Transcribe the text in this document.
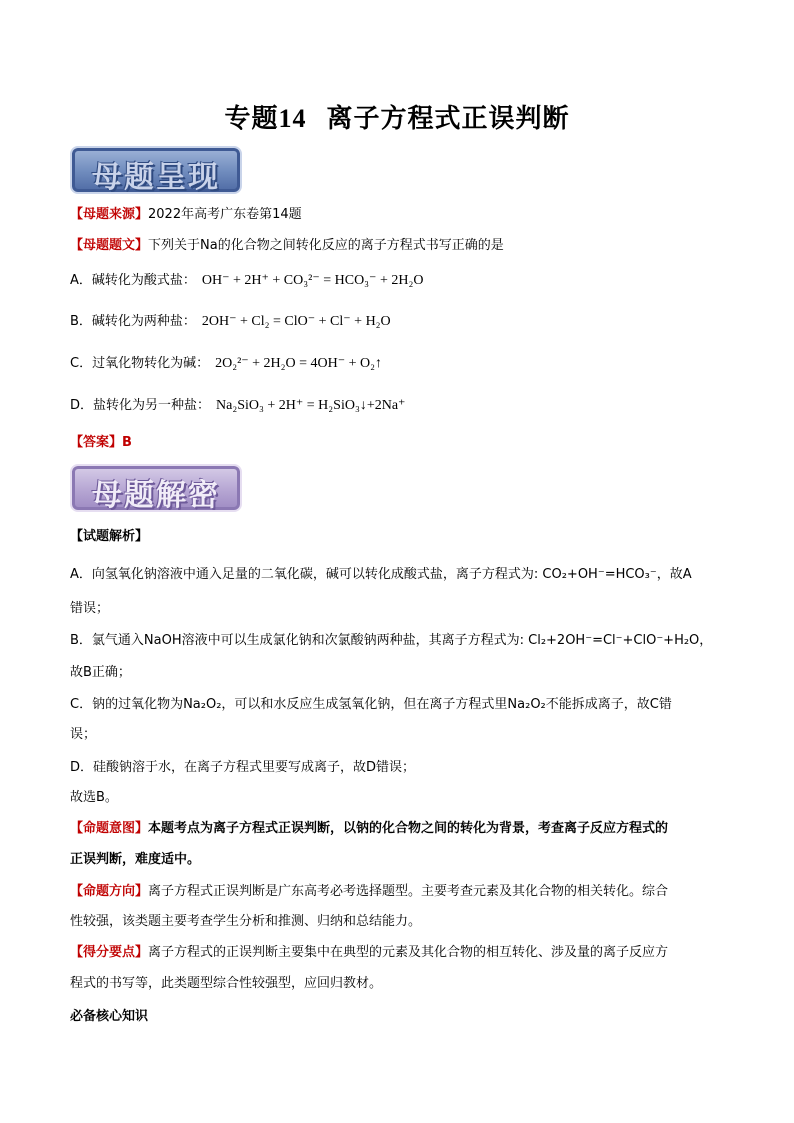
专题14 离子方程式正误判断
母题呈现
【母题来源】2022年高考广东卷第14题
【母题题文】下列关于Na的化合物之间转化反应的离子方程式书写正确的是
A．碱转化为酸式盐： OH⁻ + 2H⁺ + CO₃²⁻ = HCO₃⁻ + 2H₂O
B．碱转化为两种盐： 2OH⁻ + Cl₂ = ClO⁻ + Cl⁻ + H₂O
C．过氧化物转化为碱： 2O₂²⁻ + 2H₂O = 4OH⁻ + O₂↑
D．盐转化为另一种盐： Na₂SiO₃ + 2H⁺ = H₂SiO₃↓+2Na⁺
【答案】B
母题解密
【试题解析】
A．向氢氧化钠溶液中通入足量的二氧化碳，碱可以转化成酸式盐，离子方程式为: CO₂+OH⁻=HCO₃⁻，故A
错误；
B．氯气通入NaOH溶液中可以生成氯化钠和次氯酸钠两种盐，其离子方程式为: Cl₂+2OH⁻=Cl⁻+ClO⁻+H₂O，
故B正确；
C．钠的过氧化物为Na₂O₂，可以和水反应生成氢氧化钠，但在离子方程式里Na₂O₂不能拆成离子，故C错
误；
D．硅酸钠溶于水，在离子方程式里要写成离子，故D错误；
故选B。
【命题意图】本题考点为离子方程式正误判断，以钠的化合物之间的转化为背景，考查离子反应方程式的
正误判断，难度适中。
【命题方向】离子方程式正误判断是广东高考必考选择题型。主要考查元素及其化合物的相关转化。综合
性较强，该类题主要考查学生分析和推测、归纳和总结能力。
【得分要点】离子方程式的正误判断主要集中在典型的元素及其化合物的相互转化、涉及量的离子反应方
程式的书写等，此类题型综合性较强型，应回归教材。
必备核心知识
